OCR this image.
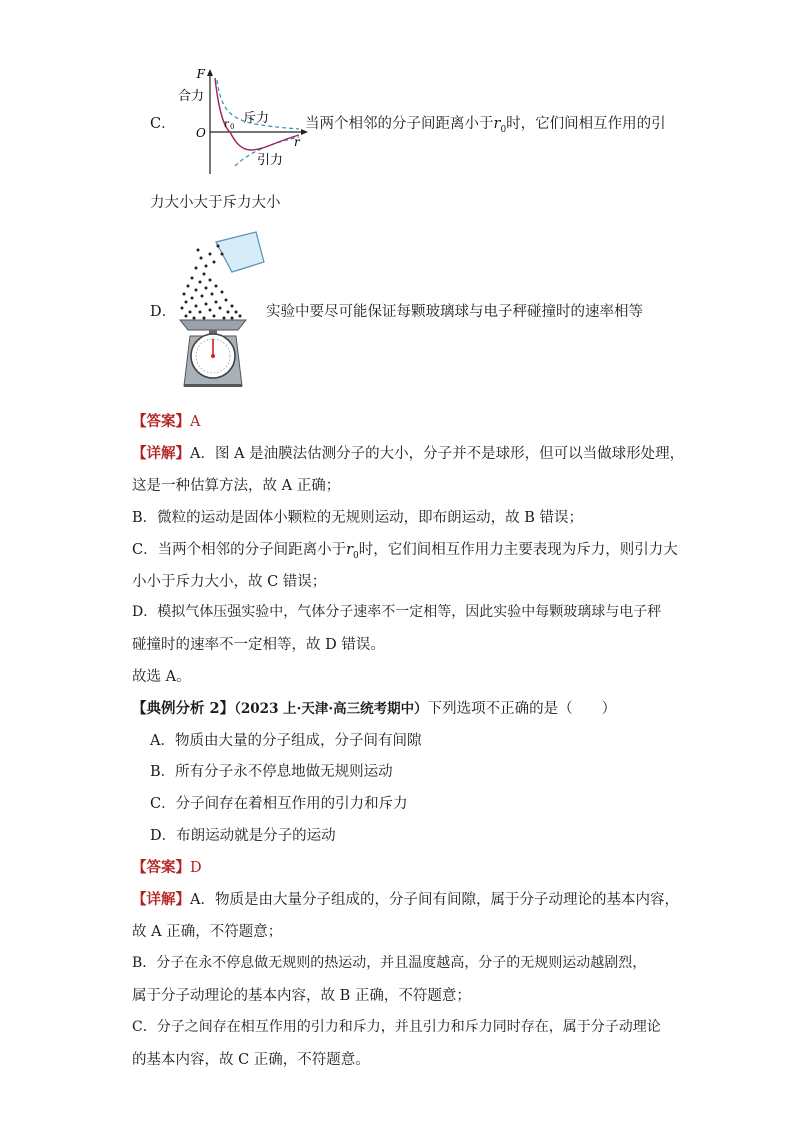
C．
F
合力
O
r 0
斥力
引力
r
当两个相邻的分子间距离小于$r_0$时，它们间相互作用的引
力大小大于斥力大小
D．	实验中要尽可能保证每颗玻璃球与电子秤碰撞时的速率相等
【答案】A
【详解】A．图 A 是油膜法估测分子的大小，分子并不是球形，但可以当做球形处理，
这是一种估算方法，故 A 正确；
B．微粒的运动是固体小颗粒的无规则运动，即布朗运动，故 B 错误；
C．当两个相邻的分子间距离小于$r_0$时，它们间相互作用力主要表现为斥力，则引力大
小小于斥力大小，故 C 错误；
D．模拟气体压强实验中，气体分子速率不一定相等，因此实验中每颗玻璃球与电子秤
碰撞时的速率不一定相等，故 D 错误。
故选 A。
【典例分析 2】（2023 上·天津·高三统考期中）下列选项不正确的是（　　）
A．物质由大量的分子组成，分子间有间隙
B．所有分子永不停息地做无规则运动
C．分子间存在着相互作用的引力和斥力
D．布朗运动就是分子的运动
【答案】D
【详解】A．物质是由大量分子组成的，分子间有间隙，属于分子动理论的基本内容，
故 A 正确，不符题意；
B．分子在永不停息做无规则的热运动，并且温度越高，分子的无规则运动越剧烈，
属于分子动理论的基本内容，故 B 正确，不符题意；
C．分子之间存在相互作用的引力和斥力，并且引力和斥力同时存在，属于分子动理论
的基本内容，故 C 正确，不符题意。
